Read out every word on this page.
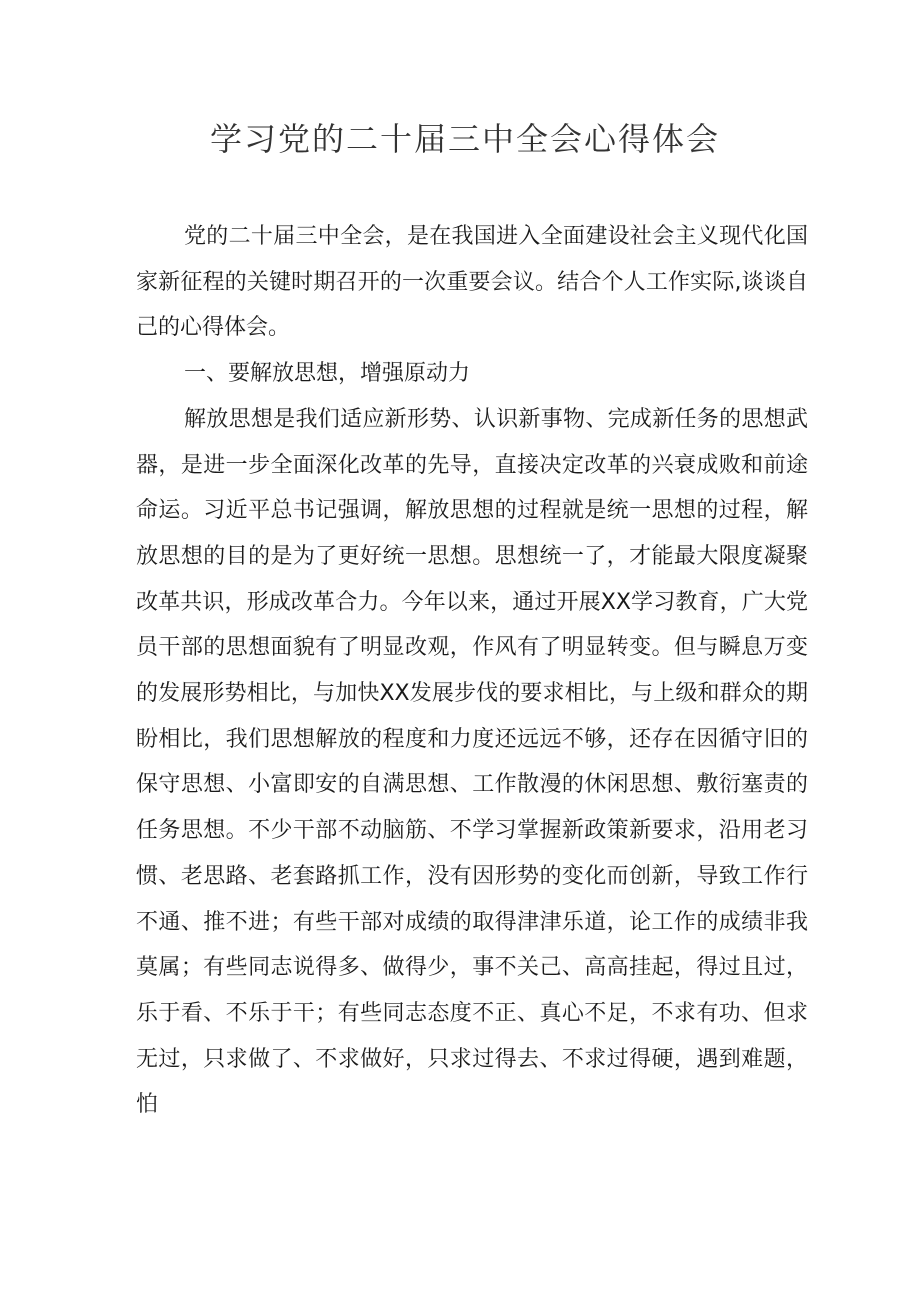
学习党的二十届三中全会心得体会

党的二十届三中全会，是在我国进入全面建设社会主义现代化国家新征程的关键时期召开的一次重要会议。结合个人工作实际,谈谈自己的心得体会。

一、要解放思想，增强原动力

解放思想是我们适应新形势、认识新事物、完成新任务的思想武器，是进一步全面深化改革的先导，直接决定改革的兴衰成败和前途命运。习近平总书记强调，解放思想的过程就是统一思想的过程，解放思想的目的是为了更好统一思想。思想统一了，才能最大限度凝聚改革共识，形成改革合力。今年以来，通过开展XX学习教育，广大党员干部的思想面貌有了明显改观，作风有了明显转变。但与瞬息万变的发展形势相比，与加快XX发展步伐的要求相比，与上级和群众的期盼相比，我们思想解放的程度和力度还远远不够，还存在因循守旧的保守思想、小富即安的自满思想、工作散漫的休闲思想、敷衍塞责的任务思想。不少干部不动脑筋、不学习掌握新政策新要求，沿用老习惯、老思路、老套路抓工作，没有因形势的变化而创新，导致工作行不通、推不进；有些干部对成绩的取得津津乐道，论工作的成绩非我莫属；有些同志说得多、做得少，事不关己、高高挂起，得过且过，乐于看、不乐于干；有些同志态度不正、真心不足，不求有功、但求无过，只求做了、不求做好，只求过得去、不求过得硬，遇到难题，怕
